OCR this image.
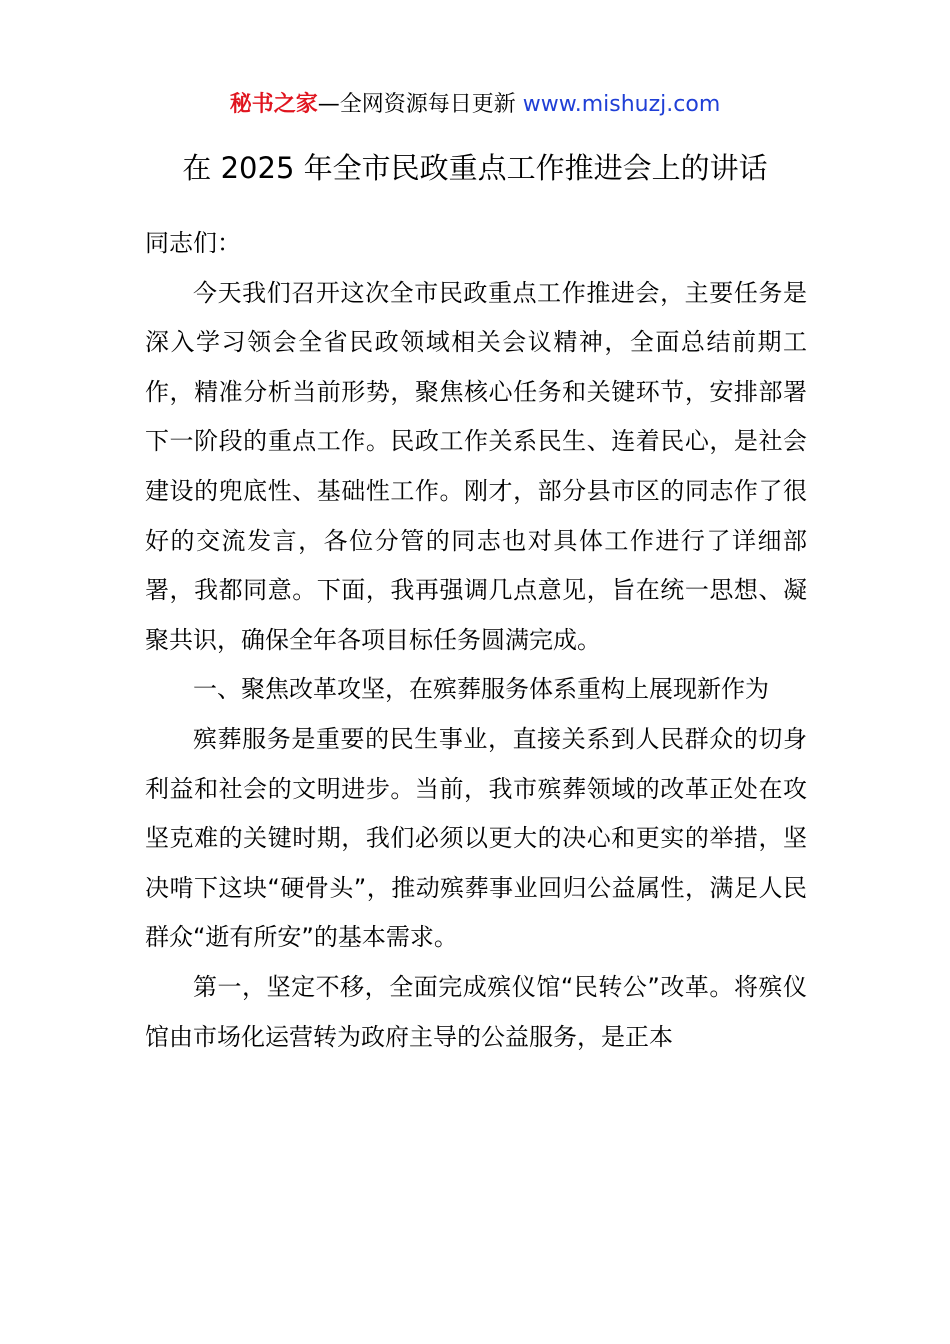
秘书之家—全网资源每日更新 www.mishuzj.com
在 2025 年全市民政重点工作推进会上的讲话

同志们：

今天我们召开这次全市民政重点工作推进会，主要任务是深入学习领会全省民政领域相关会议精神，全面总结前期工作，精准分析当前形势，聚焦核心任务和关键环节，安排部署下一阶段的重点工作。民政工作关系民生、连着民心，是社会建设的兜底性、基础性工作。刚才，部分县市区的同志作了很好的交流发言，各位分管的同志也对具体工作进行了详细部署，我都同意。下面，我再强调几点意见，旨在统一思想、凝聚共识，确保全年各项目标任务圆满完成。

一、聚焦改革攻坚，在殡葬服务体系重构上展现新作为

殡葬服务是重要的民生事业，直接关系到人民群众的切身利益和社会的文明进步。当前，我市殡葬领域的改革正处在攻坚克难的关键时期，我们必须以更大的决心和更实的举措，坚决啃下这块“硬骨头”，推动殡葬事业回归公益属性，满足人民群众“逝有所安”的基本需求。

第一，坚定不移，全面完成殡仪馆“民转公”改革。将殡仪馆由市场化运营转为政府主导的公益服务，是正本
